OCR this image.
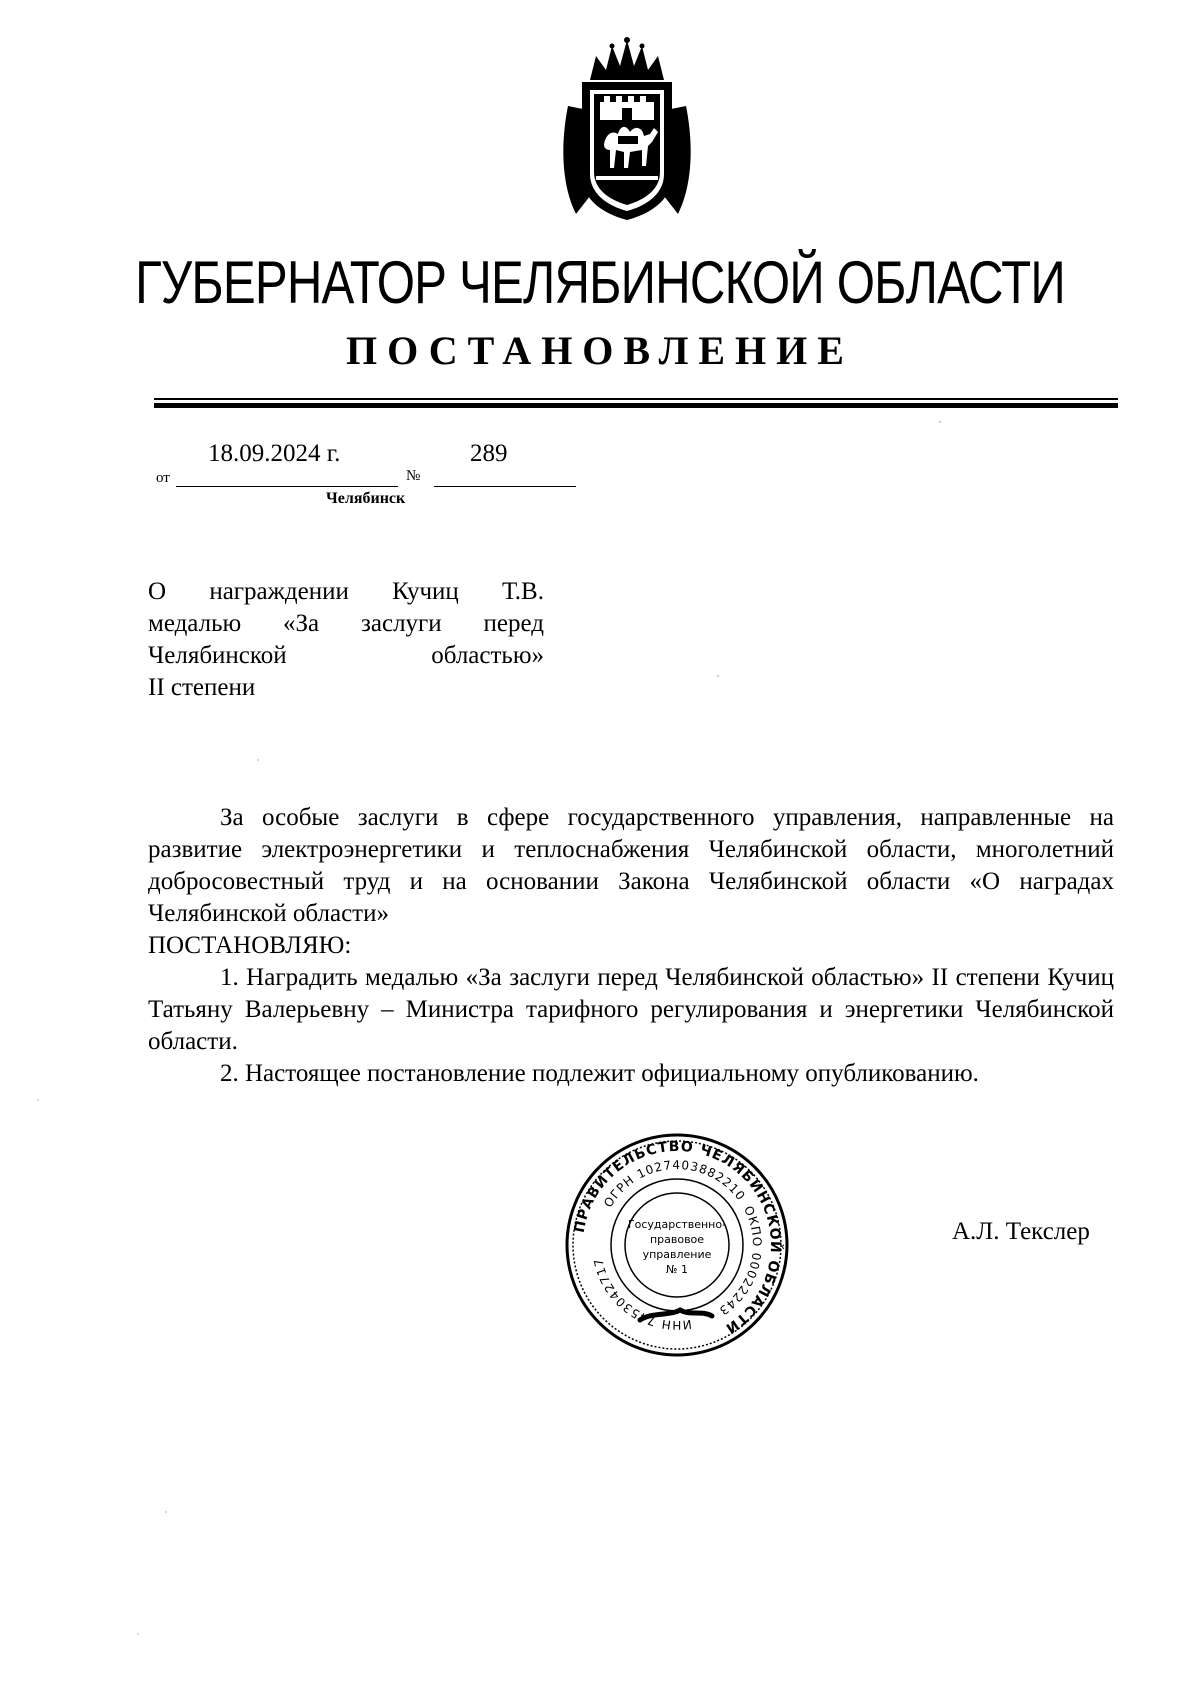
ГУБЕРНАТОР ЧЕЛЯБИНСКОЙ ОБЛАСТИ
ПОСТАНОВЛЕНИЕ
от
18.09.2024 г.
№
289
Челябинск
О награждении Кучиц Т.В.
медалью «За заслуги перед
Челябинской областью»
II степени

За особые заслуги в сфере государственного управления, направленные на развитие электроэнергетики и теплоснабжения Челябинской области, многолетний добросовестный труд и на основании Закона Челябинской области «О наградах Челябинской области»

ПОСТАНОВЛЯЮ:

1. Наградить медалью «За заслуги перед Челябинской областью» II степени Кучиц Татьяну Валерьевну – Министра тарифного регулирования и энергетики Челябинской области.

2. Настоящее постановление подлежит официальному опубликованию.

ПРАВИТЕЛЬСТВО ЧЕЛЯБИНСКОЙ ОБЛАСТИ
ОГРН 1027403882210
ОКПО 00022243
ИНН 7453042717
Государственно-
правовое
управление
№ 1
А.Л. Текслер
